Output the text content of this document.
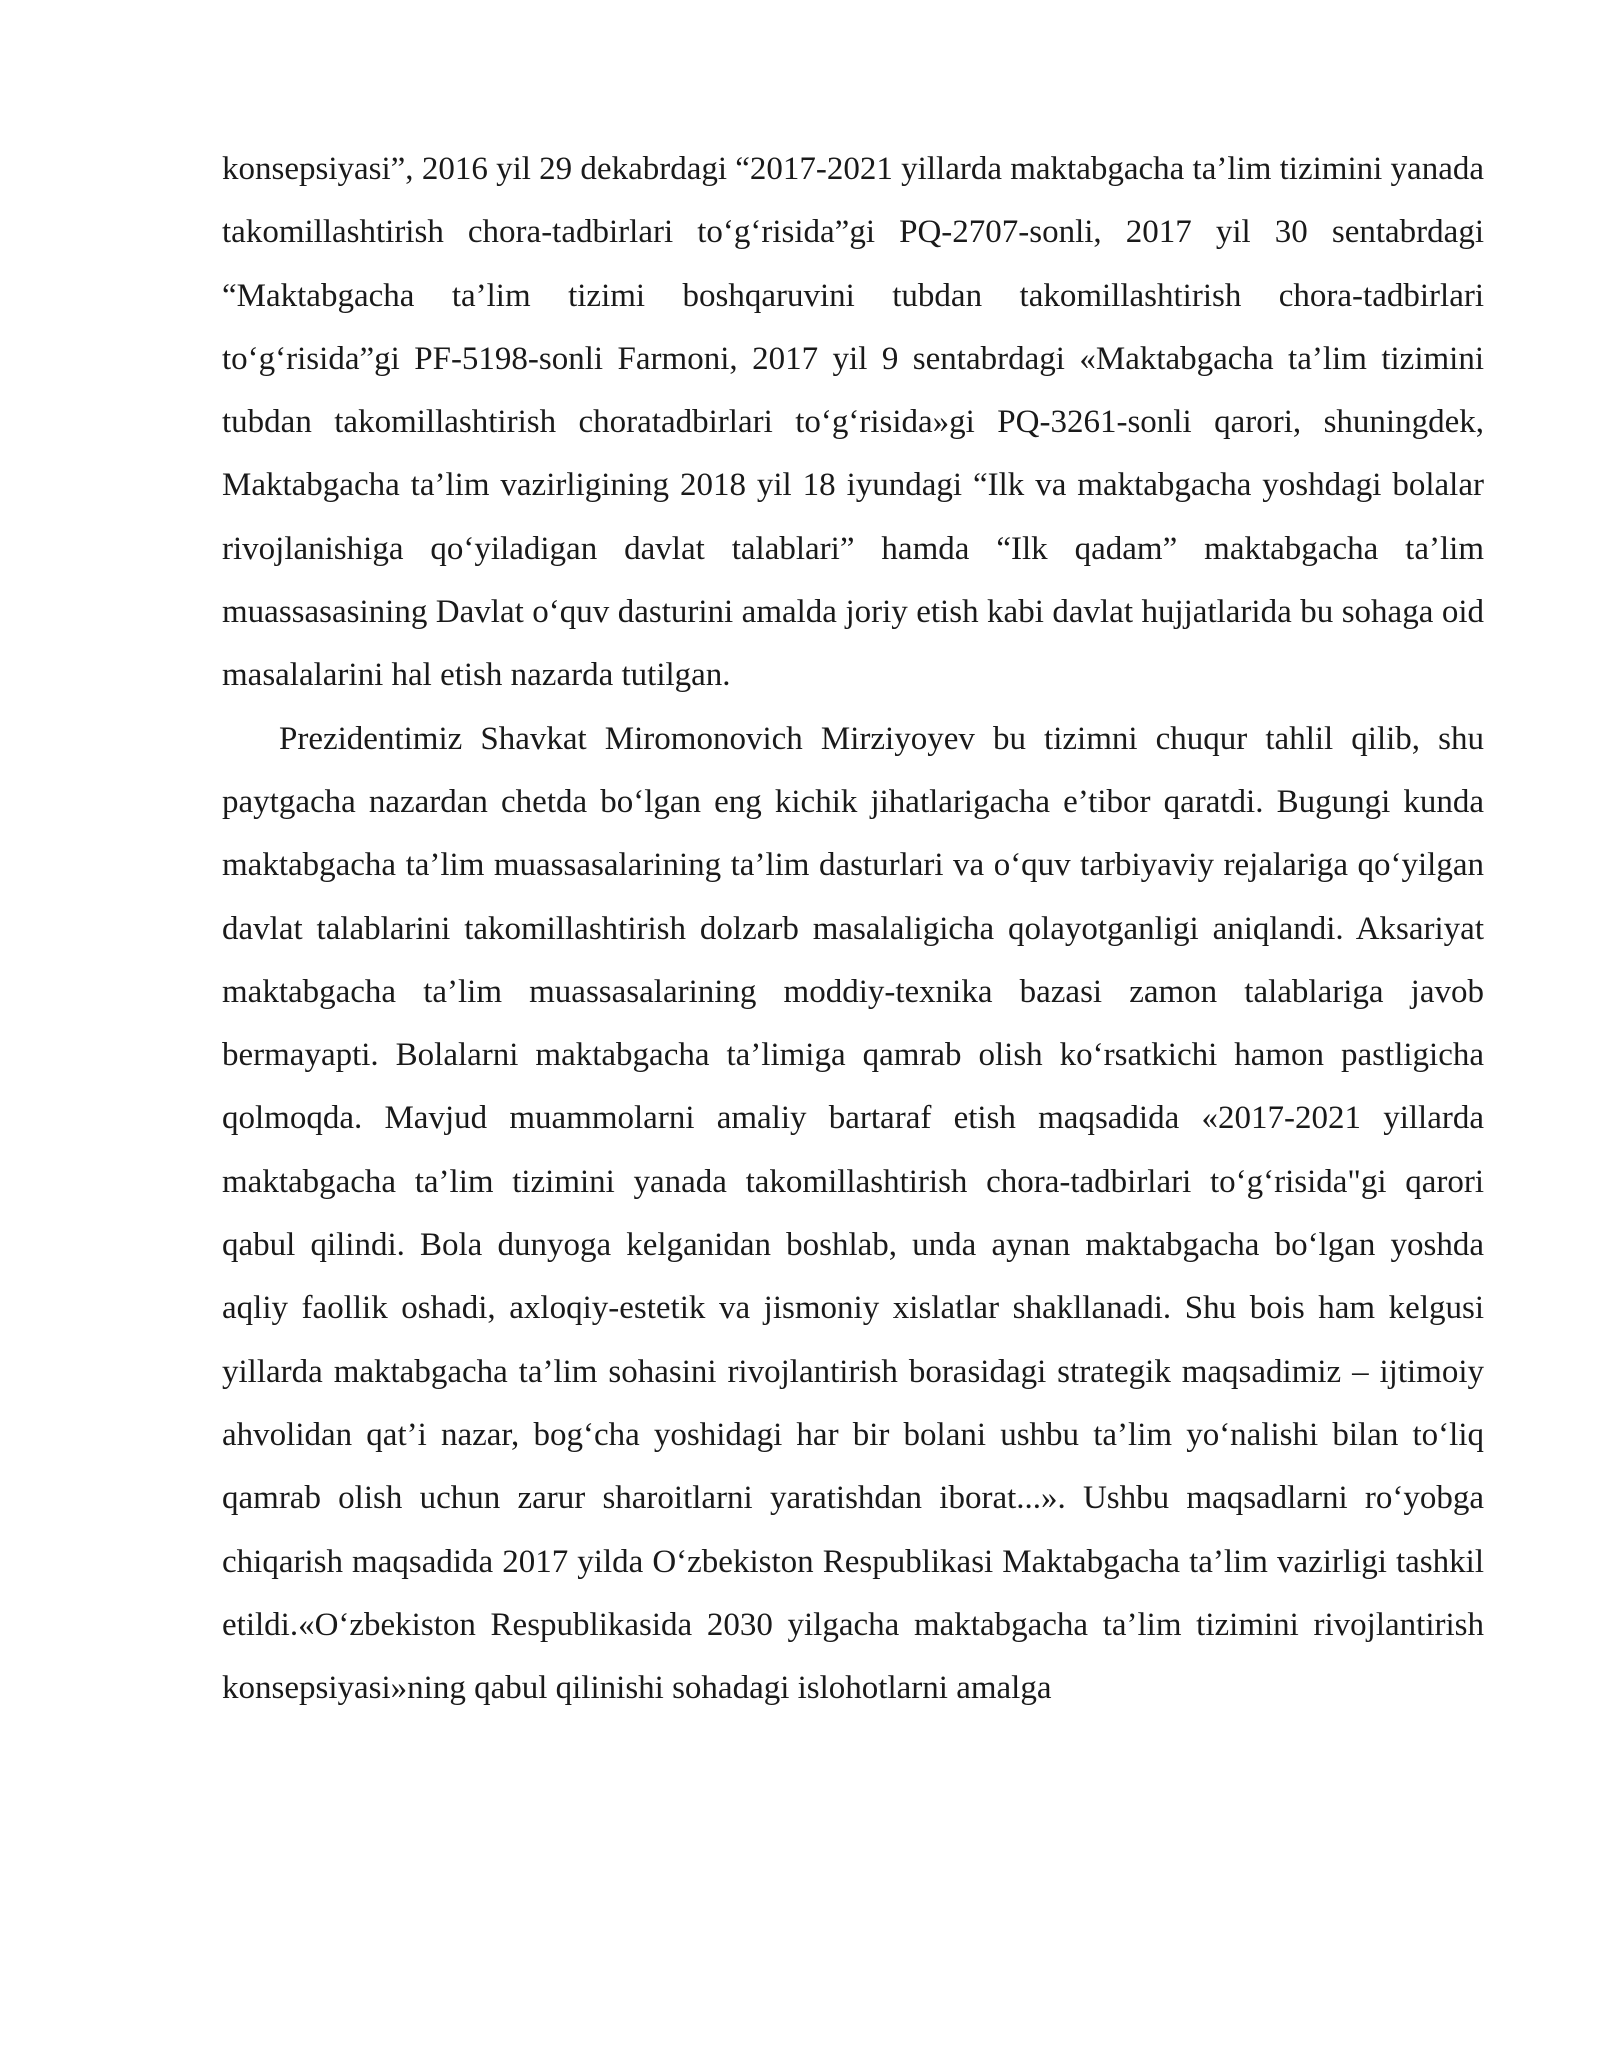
konsepsiyasi”, 2016 yil 29 dekabrdagi “2017-2021 yillarda maktabgacha ta’lim tizimini yanada takomillashtirish chora-tadbirlari to‘g‘risida”gi PQ-2707-sonli, 2017 yil 30 sentabrdagi “Maktabgacha ta’lim tizimi boshqaruvini tubdan takomillashtirish chora-tadbirlari to‘g‘risida”gi PF-5198-sonli Farmoni, 2017 yil 9 sentabrdagi «Maktabgacha ta’lim tizimini tubdan takomillashtirish choratadbirlari to‘g‘risida»gi PQ-3261-sonli qarori, shuningdek, Maktabgacha ta’lim vazirligining 2018 yil 18 iyundagi “Ilk va maktabgacha yoshdagi bolalar rivojlanishiga qo‘yiladigan davlat talablari” hamda “Ilk qadam” maktabgacha ta’lim muassasasining Davlat o‘quv dasturini amalda joriy etish kabi davlat hujjatlarida bu sohaga oid masalalarini hal etish nazarda tutilgan.

Prezidentimiz Shavkat Miromonovich Mirziyoyev bu tizimni chuqur tahlil qilib, shu paytgacha nazardan chetda bo‘lgan eng kichik jihatlarigacha e’tibor qaratdi. Bugungi kunda maktabgacha ta’lim muassasalarining ta’lim dasturlari va o‘quv tarbiyaviy rejalariga qo‘yilgan davlat talablarini takomillashtirish dolzarb masalaligicha qolayotganligi aniqlandi. Aksariyat maktabgacha ta’lim muassasalarining moddiy-texnika bazasi zamon talablariga javob bermayapti. Bolalarni maktabgacha ta’limiga qamrab olish ko‘rsatkichi hamon pastligicha qolmoqda. Mavjud muammolarni amaliy bartaraf etish maqsadida «2017-2021 yillarda maktabgacha ta’lim tizimini yanada takomillashtirish chora-tadbirlari to‘g‘risida"gi qarori qabul qilindi. Bola dunyoga kelganidan boshlab, unda aynan maktabgacha bo‘lgan yoshda aqliy faollik oshadi, axloqiy-estetik va jismoniy xislatlar shakllanadi. Shu bois ham kelgusi yillarda maktabgacha ta’lim sohasini rivojlantirish borasidagi strategik maqsadimiz – ijtimoiy ahvolidan qat’i nazar, bog‘cha yoshidagi har bir bolani ushbu ta’lim yo‘nalishi bilan to‘liq qamrab olish uchun zarur sharoitlarni yaratishdan iborat...». Ushbu maqsadlarni ro‘yobga chiqarish maqsadida 2017 yilda O‘zbekiston Respublikasi Maktabgacha ta’lim vazirligi tashkil etildi.«O‘zbekiston Respublikasida 2030 yilgacha maktabgacha ta’lim tizimini rivojlantirish konsepsiyasi»ning qabul qilinishi sohadagi islohotlarni amalga
